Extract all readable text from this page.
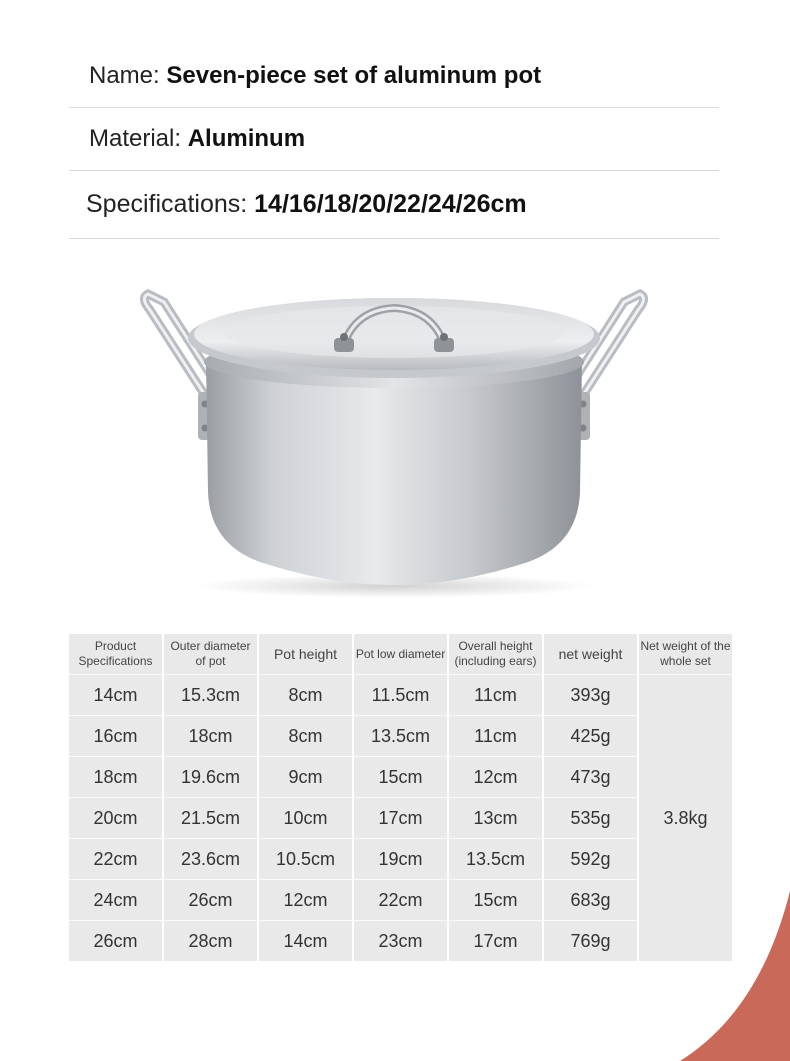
Name: Seven-piece set of aluminum pot
Material: Aluminum
Specifications: 14/16/18/20/22/24/26cm
Product Specifications	Outer diameter of pot	Pot height	Pot low diameter	Overall height (including ears)	net weight	Net weight of the whole set
14cm	15.3cm	8cm	11.5cm	11cm	393g	3.8kg
16cm	18cm	8cm	13.5cm	11cm	425g	
18cm	19.6cm	9cm	15cm	12cm	473g	
20cm	21.5cm	10cm	17cm	13cm	535g	
22cm	23.6cm	10.5cm	19cm	13.5cm	592g	
24cm	26cm	12cm	22cm	15cm	683g	
26cm	28cm	14cm	23cm	17cm	769g	
